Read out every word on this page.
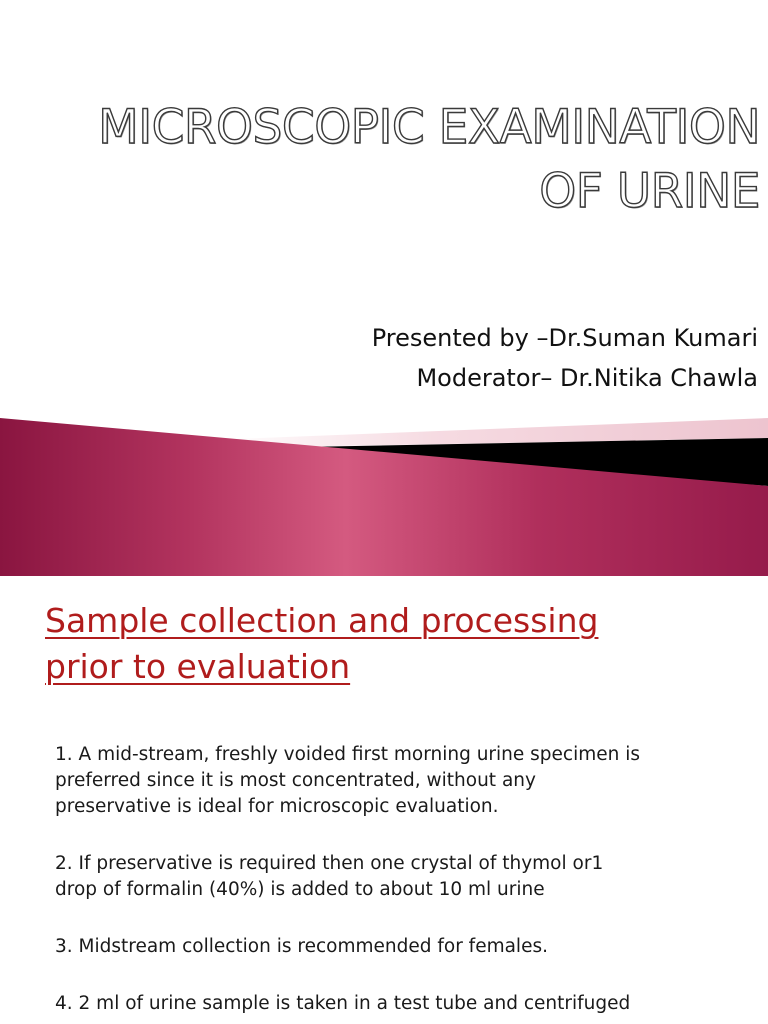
MICROSCOPIC EXAMINATION
OF URINE
Presented by –Dr.Suman Kumari
Moderator– Dr.Nitika Chawla
Sample collection and processing
prior to evaluation

1. A mid-stream, freshly voided first morning urine specimen is
preferred since it is most concentrated, without any
preservative is ideal for microscopic evaluation.

2. If preservative is required then one crystal of thymol or1
drop of formalin (40%) is added to about 10 ml urine

3. Midstream collection is recommended for females.

4. 2 ml of urine sample is taken in a test tube and centrifuged
